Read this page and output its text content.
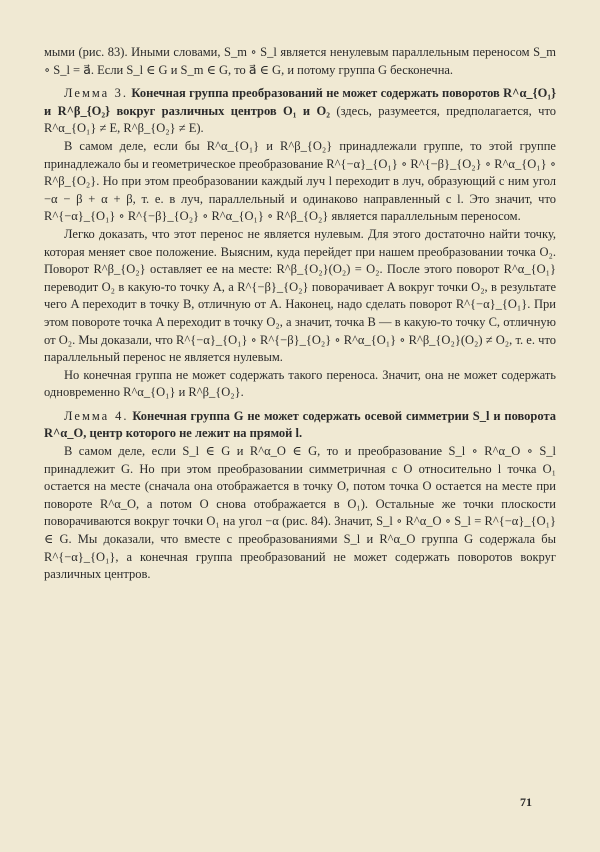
мыми (рис. 83). Иными словами, S_m ∘ S_l является ненулевым параллельным переносом S_m ∘ S_l = a⃗. Если S_l ∈ G и S_m ∈ G, то a⃗ ∈ G, и потому группа G бесконечна.

Лемма 3. Конечная группа преобразований не может содержать поворотов R^α_{O₁} и R^β_{O₂} вокруг различных центров O₁ и O₂ (здесь, разумеется, предполагается, что R^α_{O₁} ≠ E, R^β_{O₂} ≠ E).

В самом деле, если бы R^α_{O₁} и R^β_{O₂} принадлежали группе, то этой группе принадлежало бы и геометрическое преобразование R^{−α}_{O₁} ∘ R^{−β}_{O₂} ∘ R^α_{O₁} ∘ R^β_{O₂}. Но при этом преобразовании каждый луч l переходит в луч, образующий с ним угол −α − β + α + β, т. е. в луч, параллельный и одинаково направленный с l. Это значит, что R^{−α}_{O₁} ∘ R^{−β}_{O₂} ∘ R^α_{O₁} ∘ R^β_{O₂} является параллельным переносом.

Легко доказать, что этот перенос не является нулевым. Для этого достаточно найти точку, которая меняет свое положение. Выясним, куда перейдет при нашем преобразовании точка O₂. Поворот R^β_{O₂} оставляет ее на месте: R^β_{O₂}(O₂) = O₂. После этого поворот R^α_{O₁} переводит O₂ в какую-то точку A, а R^{−β}_{O₂} поворачивает A вокруг точки O₂, в результате чего A переходит в точку B, отличную от A. Наконец, надо сделать поворот R^{−α}_{O₁}. При этом повороте точка A переходит в точку O₂, а значит, точка B — в какую-то точку C, отличную от O₂. Мы доказали, что R^{−α}_{O₁} ∘ R^{−β}_{O₂} ∘ R^α_{O₁} ∘ R^β_{O₂}(O₂) ≠ O₂, т. е. что параллельный перенос не является нулевым.

Но конечная группа не может содержать такого переноса. Значит, она не может содержать одновременно R^α_{O₁} и R^β_{O₂}.

Лемма 4. Конечная группа G не может содержать осевой симметрии S_l и поворота R^α_O, центр которого не лежит на прямой l.

В самом деле, если S_l ∈ G и R^α_O ∈ G, то и преобразование S_l ∘ R^α_O ∘ S_l принадлежит G. Но при этом преобразовании симметричная с O относительно l точка O₁ остается на месте (сначала она отображается в точку O, потом точка O остается на месте при повороте R^α_O, а потом O снова отображается в O₁). Остальные же точки плоскости поворачиваются вокруг точки O₁ на угол −α (рис. 84). Значит, S_l ∘ R^α_O ∘ S_l = R^{−α}_{O₁} ∈ G. Мы доказали, что вместе с преобразованиями S_l и R^α_O группа G содержала бы R^{−α}_{O₁}, а конечная группа преобразований не может содержать поворотов вокруг различных центров.

71
